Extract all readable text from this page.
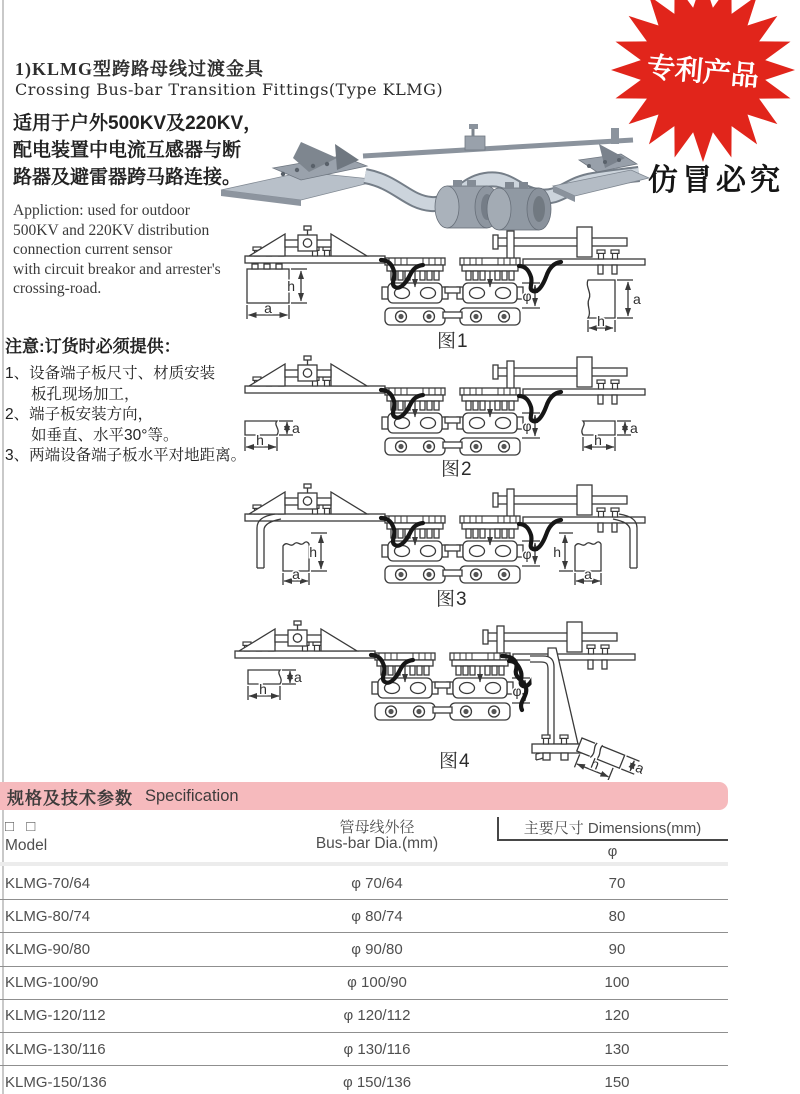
1)KLMG型跨路母线过渡金具
Crossing Bus-bar Transition Fittings(Type KLMG)
适用于户外500KV及220KV，
配电装置中电流互感器与断
路器及避雷器跨马路连接。
Appliction: used for outdoor
500KV and 220KV distribution
connection current sensor
with circuit breakor and arrester's
crossing-road.
注意:订货时必须提供：
1、设备端子板尺寸、材质安装
板孔现场加工，
2、端子板安装方向，
如垂直、水平30°等。
3、两端设备端子板水平对地距离。
专利产品
仿冒必究
h
a
φ	a
h
图1
a
h
φ	a
h
图2
h
a
φ h
a
图3
a
h
a
h	φ
图4
规格及技术参数 Specification
□ □
Model
管母线外径
Bus-bar Dia.(mm)
主要尺寸 Dimensions(mm)
φ
KLMG-70/64	φ 70/64	70
KLMG-80/74	φ 80/74	80
KLMG-90/80	φ 90/80	90
KLMG-100/90	φ 100/90	100
KLMG-120/112	φ 120/112	120
KLMG-130/116	φ 130/116	130
KLMG-150/136	φ 150/136	150
